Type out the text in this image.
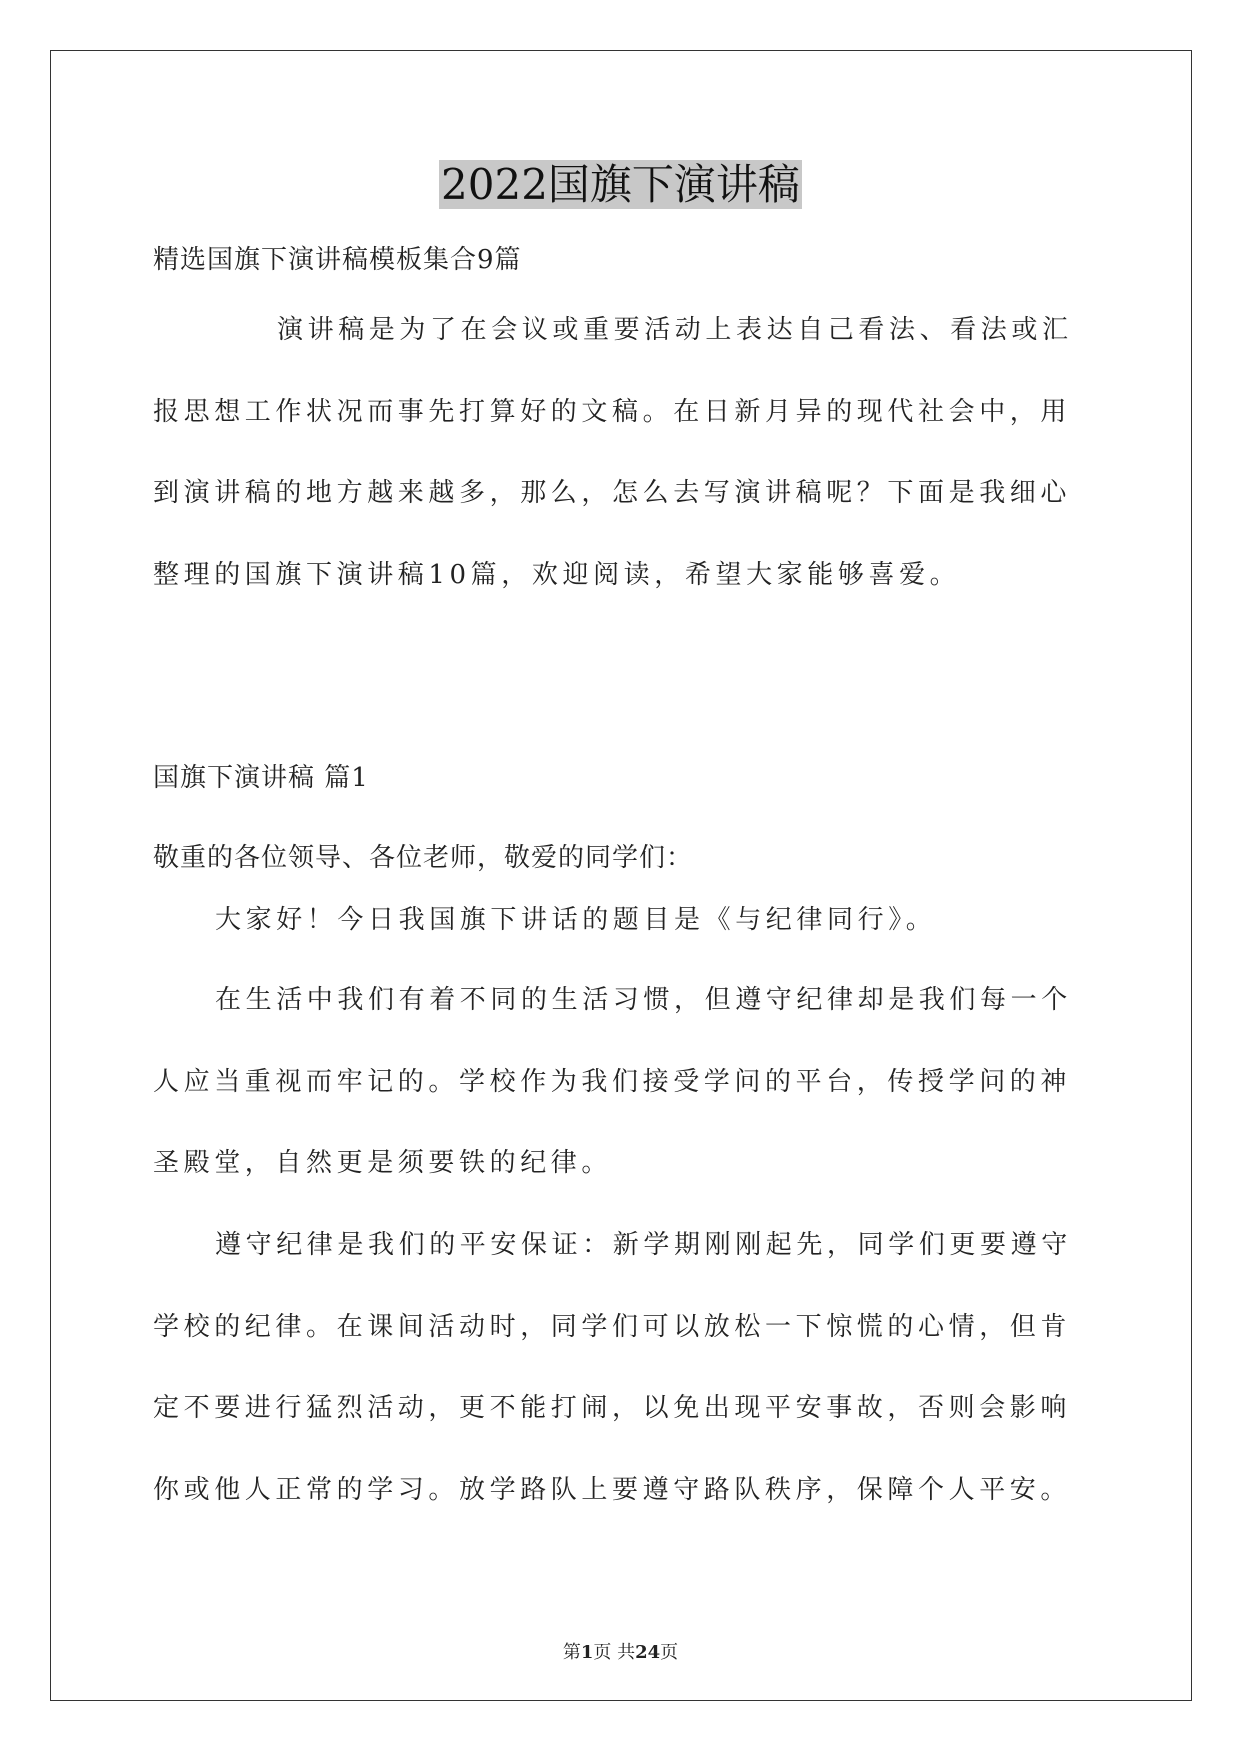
2022国旗下演讲稿
精选国旗下演讲稿模板集合9篇
演讲稿是为了在会议或重要活动上表达自己看法、看法或汇
报思想工作状况而事先打算好的文稿。在日新月异的现代社会中，用
到演讲稿的地方越来越多，那么，怎么去写演讲稿呢？下面是我细心
整理的国旗下演讲稿10篇，欢迎阅读，希望大家能够喜爱。
国旗下演讲稿 篇1
敬重的各位领导、各位老师，敬爱的同学们：
大家好！今日我国旗下讲话的题目是《与纪律同行》。
在生活中我们有着不同的生活习惯，但遵守纪律却是我们每一个
人应当重视而牢记的。学校作为我们接受学问的平台，传授学问的神
圣殿堂，自然更是须要铁的纪律。
遵守纪律是我们的平安保证：新学期刚刚起先，同学们更要遵守
学校的纪律。在课间活动时，同学们可以放松一下惊慌的心情，但肯
定不要进行猛烈活动，更不能打闹，以免出现平安事故，否则会影响
你或他人正常的学习。放学路队上要遵守路队秩序，保障个人平安。
第1页 共24页
